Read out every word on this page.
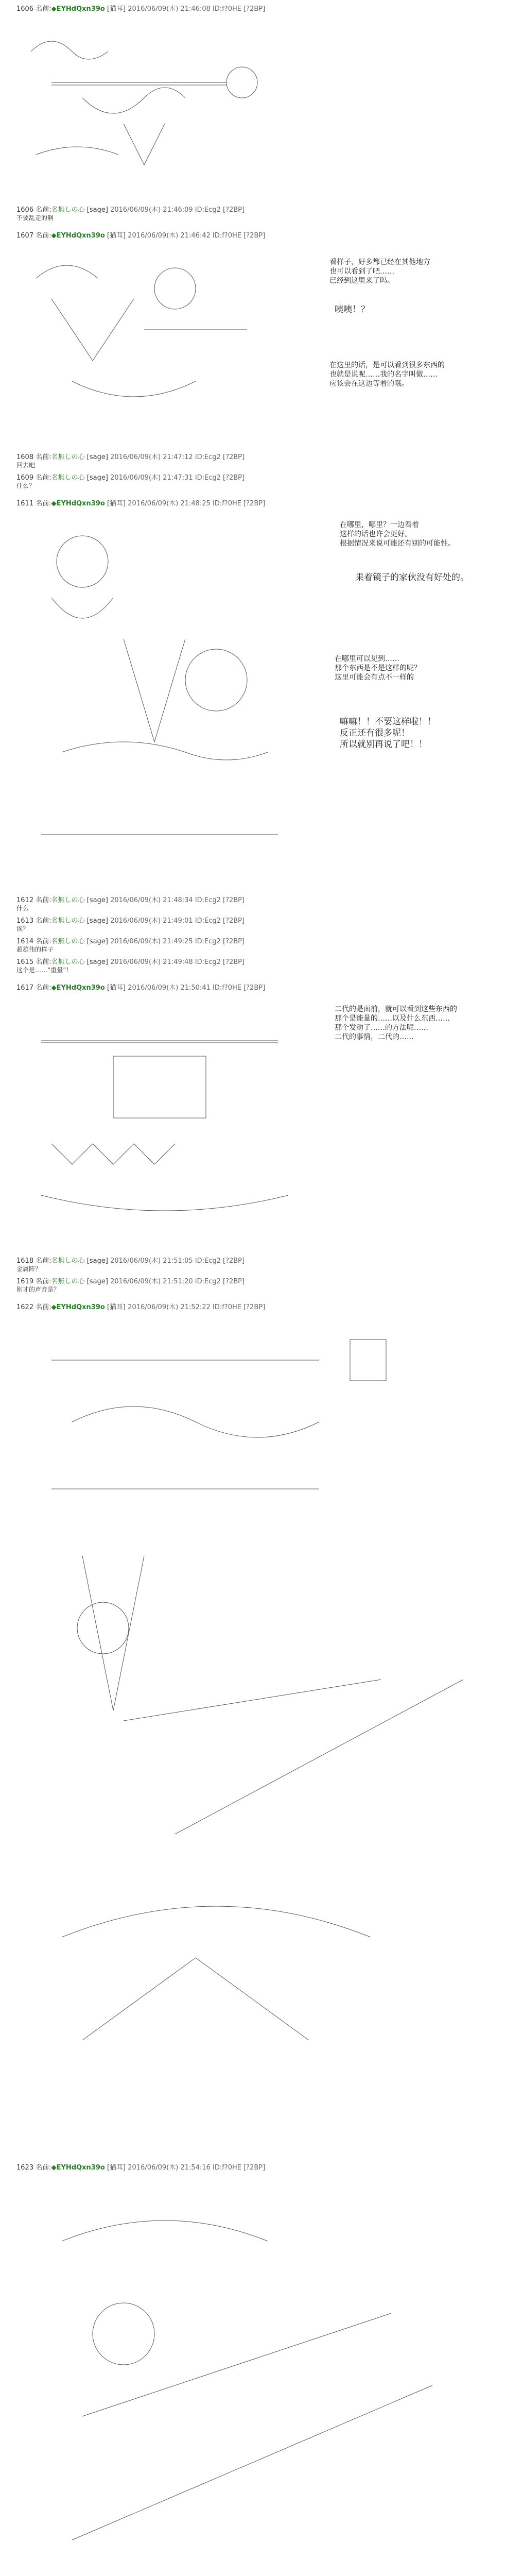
1606 名前:◆EYHdQxn39o [猫耳] 2016/06/09(木) 21:46:08 ID:f?0HE [?2BP]
1606 名前:名無しの心 [sage] 2016/06/09(木) 21:46:09 ID:Ecg2 [?2BP]
不要乱走的啊
1607 名前:◆EYHdQxn39o [猫耳] 2016/06/09(木) 21:46:42 ID:f?0HE [?2BP]
看样子，好多都已经在其他地方
也可以看到了吧……
已经到这里来了吗。
咦咦！？
在这里的话，是可以看到很多东西的
也就是说呢……我的名字叫做……
应该会在这边等着的哦。
1608 名前:名無しの心 [sage] 2016/06/09(木) 21:47:12 ID:Ecg2 [?2BP]
回去吧
1609 名前:名無しの心 [sage] 2016/06/09(木) 21:47:31 ID:Ecg2 [?2BP]
什么？
1611 名前:◆EYHdQxn39o [猫耳] 2016/06/09(木) 21:48:25 ID:f?0HE [?2BP]
在哪里，哪里？一边看着
这样的话也许会更好。
根据情况来说可能还有别的可能性。
果着镜子的家伙没有好处的。
在哪里可以见到……
那个东西是不是这样的呢？
这里可能会有点不一样的
嘛嘛！！不要这样啦！！
反正还有很多呢！
所以就别再说了吧！！
1612 名前:名無しの心 [sage] 2016/06/09(木) 21:48:34 ID:Ecg2 [?2BP]
什么
1613 名前:名無しの心 [sage] 2016/06/09(木) 21:49:01 ID:Ecg2 [?2BP]
诶？
1614 名前:名無しの心 [sage] 2016/06/09(木) 21:49:25 ID:Ecg2 [?2BP]
超雄伟的样子
1615 名前:名無しの心 [sage] 2016/06/09(木) 21:49:48 ID:Ecg2 [?2BP]
这个是……“重量”！
1617 名前:◆EYHdQxn39o [猫耳] 2016/06/09(木) 21:50:41 ID:f?0HE [?2BP]
二代的是面前，就可以看到这些东西的
那个是能量的……以及什么东西……
那个发动了……的方法呢……
二代的事情，二代的……
1618 名前:名無しの心 [sage] 2016/06/09(木) 21:51:05 ID:Ecg2 [?2BP]
金属阵？
1619 名前:名無しの心 [sage] 2016/06/09(木) 21:51:20 ID:Ecg2 [?2BP]
刚才的声音是？
1622 名前:◆EYHdQxn39o [猫耳] 2016/06/09(木) 21:52:22 ID:f?0HE [?2BP]
1623 名前:◆EYHdQxn39o [猫耳] 2016/06/09(木) 21:54:16 ID:f?0HE [?2BP]
